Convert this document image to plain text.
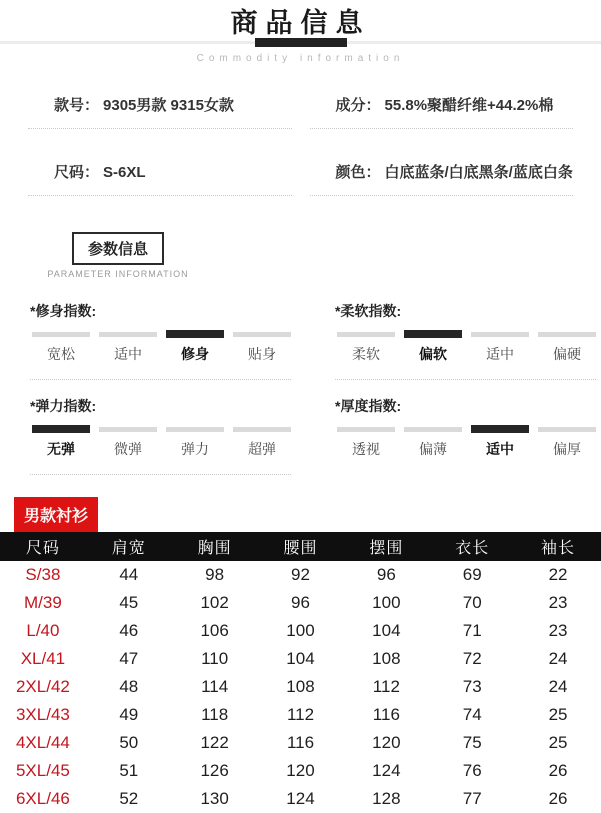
商品信息
Commodity information
款号： 9305男款 9315女款	成分： 55.8%聚醋纤维+44.2%棉
尺码： S-6XL	颜色： 白底蓝条/白底黑条/蓝底白条
参数信息
PARAMETER INFORMATION
*修身指数:
宽松	适中	修身	贴身
*柔软指数:
柔软	偏软	适中	偏硬
*弹力指数:
无弹	微弹	弹力	超弹
*厚度指数:
透视	偏薄	适中	偏厚
男款衬衫
尺码	肩宽	胸围	腰围	摆围	衣长	袖长
S/38	44	98	92	96	69	22
M/39	45	102	96	100	70	23
L/40	46	106	100	104	71	23
XL/41	47	110	104	108	72	24
2XL/42	48	114	108	112	73	24
3XL/43	49	118	112	116	74	25
4XL/44	50	122	116	120	75	25
5XL/45	51	126	120	124	76	26
6XL/46	52	130	124	128	77	26
